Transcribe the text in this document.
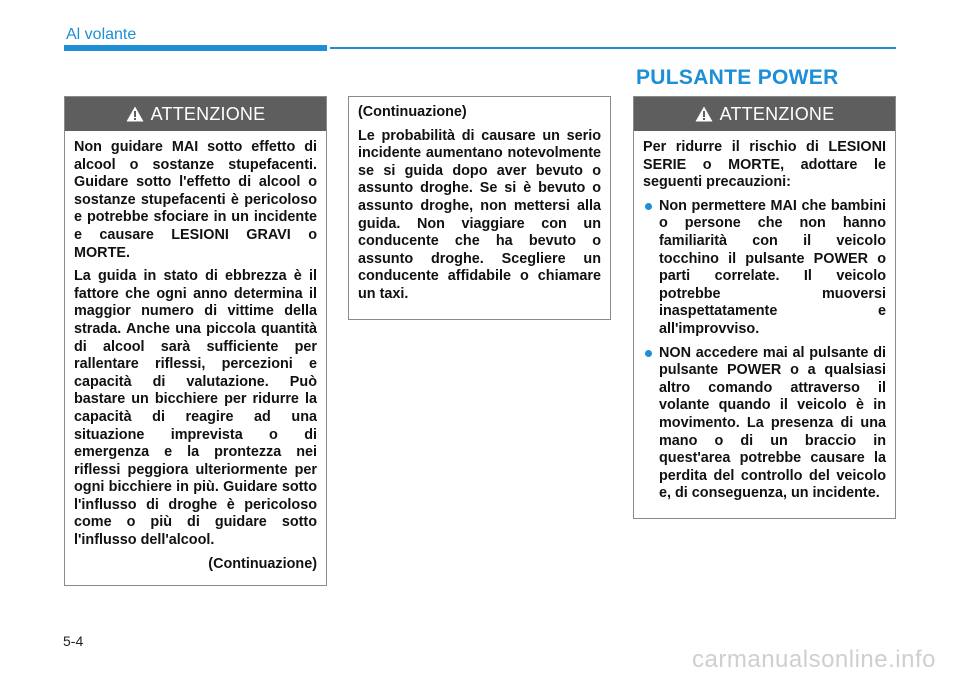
Al volante
PULSANTE POWER
ATTENZIONE

Non guidare MAI sotto effetto di alcool o sostanze stupefacenti. Guidare sotto l'effetto di alcool o sostanze stupefacenti è pericoloso e potrebbe sfociare in un incidente e causare LESIONI GRAVI o MORTE.

La guida in stato di ebbrezza è il fattore che ogni anno determina il maggior numero di vittime della strada. Anche una piccola quantità di alcool sarà sufficiente per rallentare riflessi, percezioni e capacità di valutazione. Può bastare un bicchiere per ridurre la capacità di reagire ad una situazione imprevista o di emergenza e la prontezza nei riflessi peggiora ulteriormente per ogni bicchiere in più. Guidare sotto l'influsso di droghe è pericoloso come o più di guidare sotto l'influsso dell'alcool.

(Continuazione)

(Continuazione)

Le probabilità di causare un serio incidente aumentano notevolmente se si guida dopo aver bevuto o assunto droghe. Se si è bevuto o assunto droghe, non mettersi alla guida. Non viaggiare con un conducente che ha bevuto o assunto droghe. Scegliere un conducente affidabile o chiamare un taxi.

ATTENZIONE

Per ridurre il rischio di LESIONI SERIE o MORTE, adottare le seguenti precauzioni:

Non permettere MAI che bambini o persone che non hanno familiarità con il veicolo tocchino il pulsante POWER o parti correlate. Il veicolo potrebbe muoversi inaspettatamente e all'improvviso.
NON accedere mai al pulsante di pulsante POWER o a qualsiasi altro comando attraverso il volante quando il veicolo è in movimento. La presenza di una mano o di un braccio in quest'area potrebbe causare la perdita del controllo del veicolo e, di conseguenza, un incidente.
5-4
carmanualsonline.info
